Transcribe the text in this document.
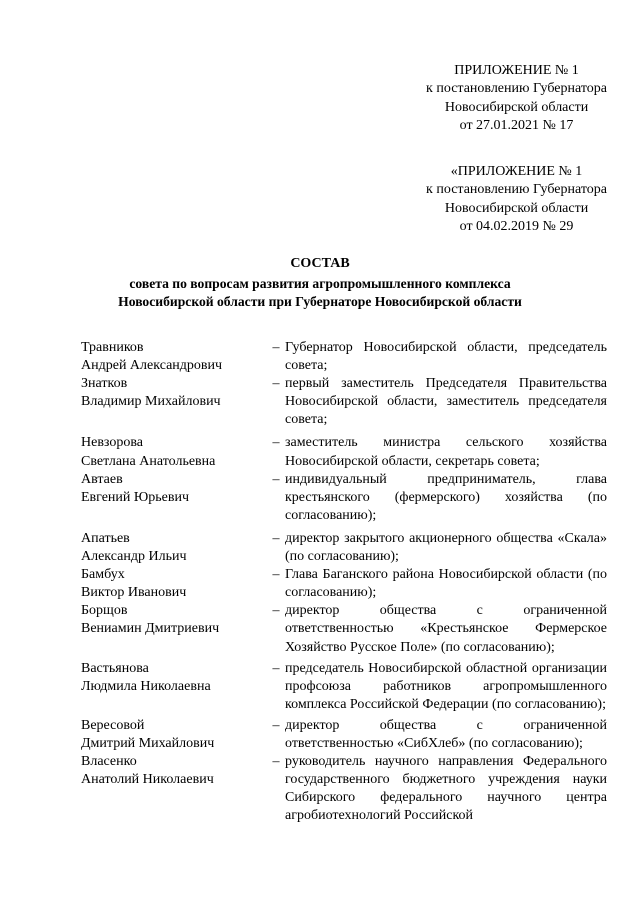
ПРИЛОЖЕНИЕ № 1
к постановлению Губернатора
Новосибирской области
от 27.01.2021 № 17
«ПРИЛОЖЕНИЕ № 1
к постановлению Губернатора
Новосибирской области
от 04.02.2019 № 29
СОСТАВ
совета по вопросам развития агропромышленного комплекса
Новосибирской области при Губернаторе Новосибирской области
Травников
Андрей Александрович
– Губернатор Новосибирской области, председатель совета;
Знатков
Владимир Михайлович
– первый заместитель Председателя Правительства Новосибирской области, заместитель председателя совета;
Невзорова
Светлана Анатольевна
– заместитель министра сельского хозяйства Новосибирской области, секретарь совета;
Автаев
Евгений Юрьевич
– индивидуальный предприниматель, глава крестьянского (фермерского) хозяйства (по согласованию);
Апатьев
Александр Ильич
– директор закрытого акционерного общества «Скала» (по согласованию);
Бамбух
Виктор Иванович
– Глава Баганского района Новосибирской области (по согласованию);
Борщов
Вениамин Дмитриевич
– директор общества с ограниченной ответственностью «Крестьянское Фермерское Хозяйство Русское Поле» (по согласованию);
Вастьянова
Людмила Николаевна
– председатель Новосибирской областной организации профсоюза работников агропромышленного комплекса Российской Федерации (по согласованию);
Вересовой
Дмитрий Михайлович
– директор общества с ограниченной ответственностью «СибХлеб» (по согласованию);
Власенко
Анатолий Николаевич
– руководитель научного направления Федерального государственного бюджетного учреждения науки Сибирского федерального научного центра агробиотехнологий Российской
